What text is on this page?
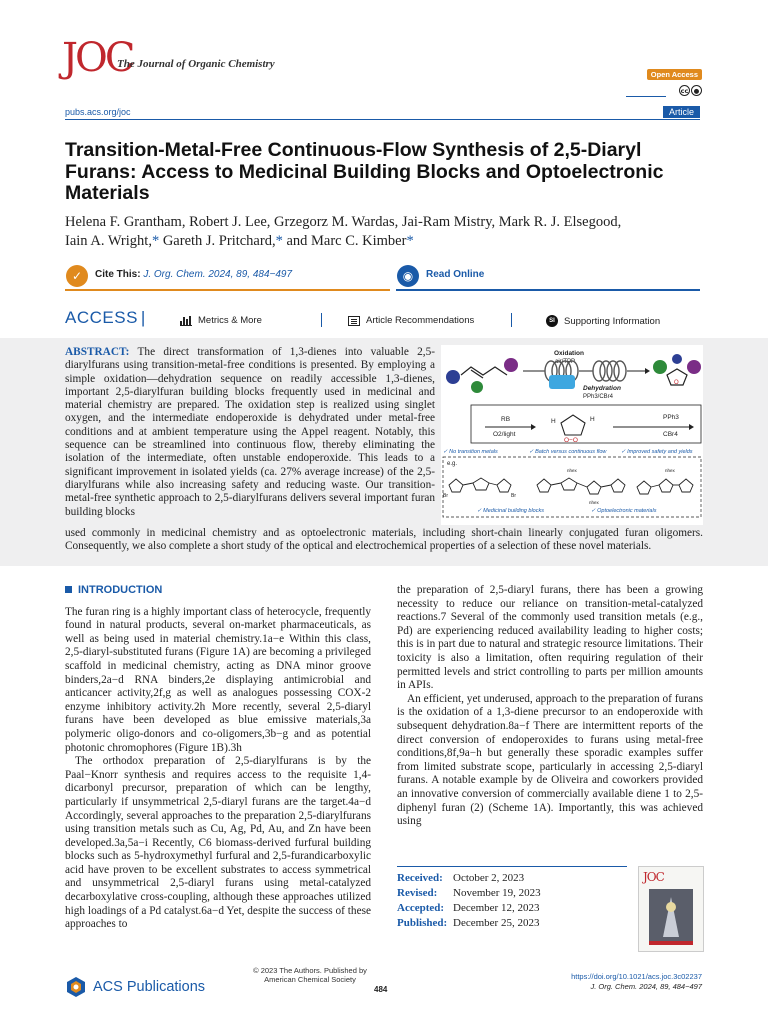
JOC
The Journal of Organic Chemistry
Open Access
cc ●
pubs.acs.org/joc	Article
Transition-Metal-Free Continuous-Flow Synthesis of 2,5-Diaryl Furans: Access to Medicinal Building Blocks and Optoelectronic Materials
Helena F. Grantham, Robert J. Lee, Grzegorz M. Wardas, Jai-Ram Mistry, Mark R. J. Elsegood,
Iain A. Wright,* Gareth J. Pritchard,* and Marc C. Kimber*
✓	Cite This: J. Org. Chem. 2024, 89, 484−497	◉	Read Online
ACCESS |	Metrics & More	Article Recommendations	SI Supporting Information
ABSTRACT: The direct transformation of 1,3-dienes into valuable 2,5-diarylfurans using transition-metal-free conditions is presented. By employing a simple oxidation—dehydration sequence on readily accessible 1,3-dienes, important 2,5-diarylfuran building blocks frequently used in medicinal and material chemistry are prepared. The oxidation step is realized using singlet oxygen, and the intermediate endoperoxide is dehydrated under metal-free conditions and at ambient temperature using the Appel reagent. Notably, this sequence can be streamlined into continuous flow, thereby eliminating the isolation of the intermediate, often unstable endoperoxide. This leads to a significant improvement in isolated yields (ca. 27% average increase) of the 2,5-diarylfurans while also increasing safety and reducing waste. Our transition-metal-free synthetic approach to 2,5-diarylfurans delivers several important furan building blocks
used commonly in medicinal chemistry and as optoelectronic materials, including short-chain linearly conjugated furan oligomers. Consequently, we also complete a short study of the optical and electrochemical properties of a selection of these novel materials.
Oxidation
air/TPP
Dehydration
PPh3/CBr4
O
RB
O2/light
H	H
O−O
PPh3
CBr4
✓ No transition metals	✓ Batch versus continuous flow	✓ Improved safety and yields
e.g.
Br	Br
nhex
nhex
nhex
✓ Medicinal building blocks	✓ Optoelectronic materials
INTRODUCTION

The furan ring is a highly important class of heterocycle, frequently found in natural products, several on-market pharmaceuticals, as well as being used in material chemistry.1a−e Within this class, 2,5-diaryl-substituted furans (Figure 1A) are becoming a privileged scaffold in medicinal chemistry, acting as DNA minor groove binders,2a−d RNA binders,2e displaying antimicrobial and anticancer activity,2f,g as well as analogues possessing COX-2 enzyme inhibitory activity.2h More recently, several 2,5-diaryl furans have been developed as blue emissive materials,3a polymeric oligo-donors and co-oligomers,3b−g and as potential photonic chromophores (Figure 1B).3h

The orthodox preparation of 2,5-diarylfurans is by the Paal−Knorr synthesis and requires access to the requisite 1,4-dicarbonyl precursor, preparation of which can be lengthy, particularly if unsymmetrical 2,5-diaryl furans are the target.4a−d Accordingly, several approaches to the preparation 2,5-diarylfurans using transition metals such as Cu, Ag, Pd, Au, and Zn have been developed.3a,5a−i Recently, C6 biomass-derived furfural building blocks such as 5-hydroxymethyl furfural and 2,5-furandicarboxylic acid have proven to be excellent substrates to access symmetrical and unsymmetrical 2,5-diaryl furans using metal-catalyzed decarboxylative cross-coupling, although these approaches utilized high loadings of a Pd catalyst.6a−d Yet, despite the success of these approaches to

the preparation of 2,5-diaryl furans, there has been a growing necessity to reduce our reliance on transition-metal-catalyzed reactions.7 Several of the commonly used transition metals (e.g., Pd) are experiencing reduced availability leading to higher costs; this is in part due to natural and strategic resource limitations. Their toxicity is also a limitation, often requiring regulation of their permitted levels and strict controlling to parts per million amounts in APIs.

An efficient, yet underused, approach to the preparation of furans is the oxidation of a 1,3-diene precursor to an endoperoxide with subsequent dehydration.8a−f There are intermittent reports of the direct conversion of endoperoxides to furans using metal-free conditions,8f,9a−h but generally these sporadic examples suffer from limited substrate scope, particularly in accessing 2,5-diaryl furans. A notable example by de Oliveira and coworkers provided an innovative conversion of commercially available diene 1 to 2,5-diphenyl furan (2) (Scheme 1A). Importantly, this was achieved using

Received: October 2, 2023
Revised:	November 19, 2023
Accepted: December 12, 2023
Published: December 25, 2023
JOC
ACS Publications
© 2023 The Authors. Published by
American Chemical Society
484
https://doi.org/10.1021/acs.joc.3c02237
J. Org. Chem. 2024, 89, 484−497
